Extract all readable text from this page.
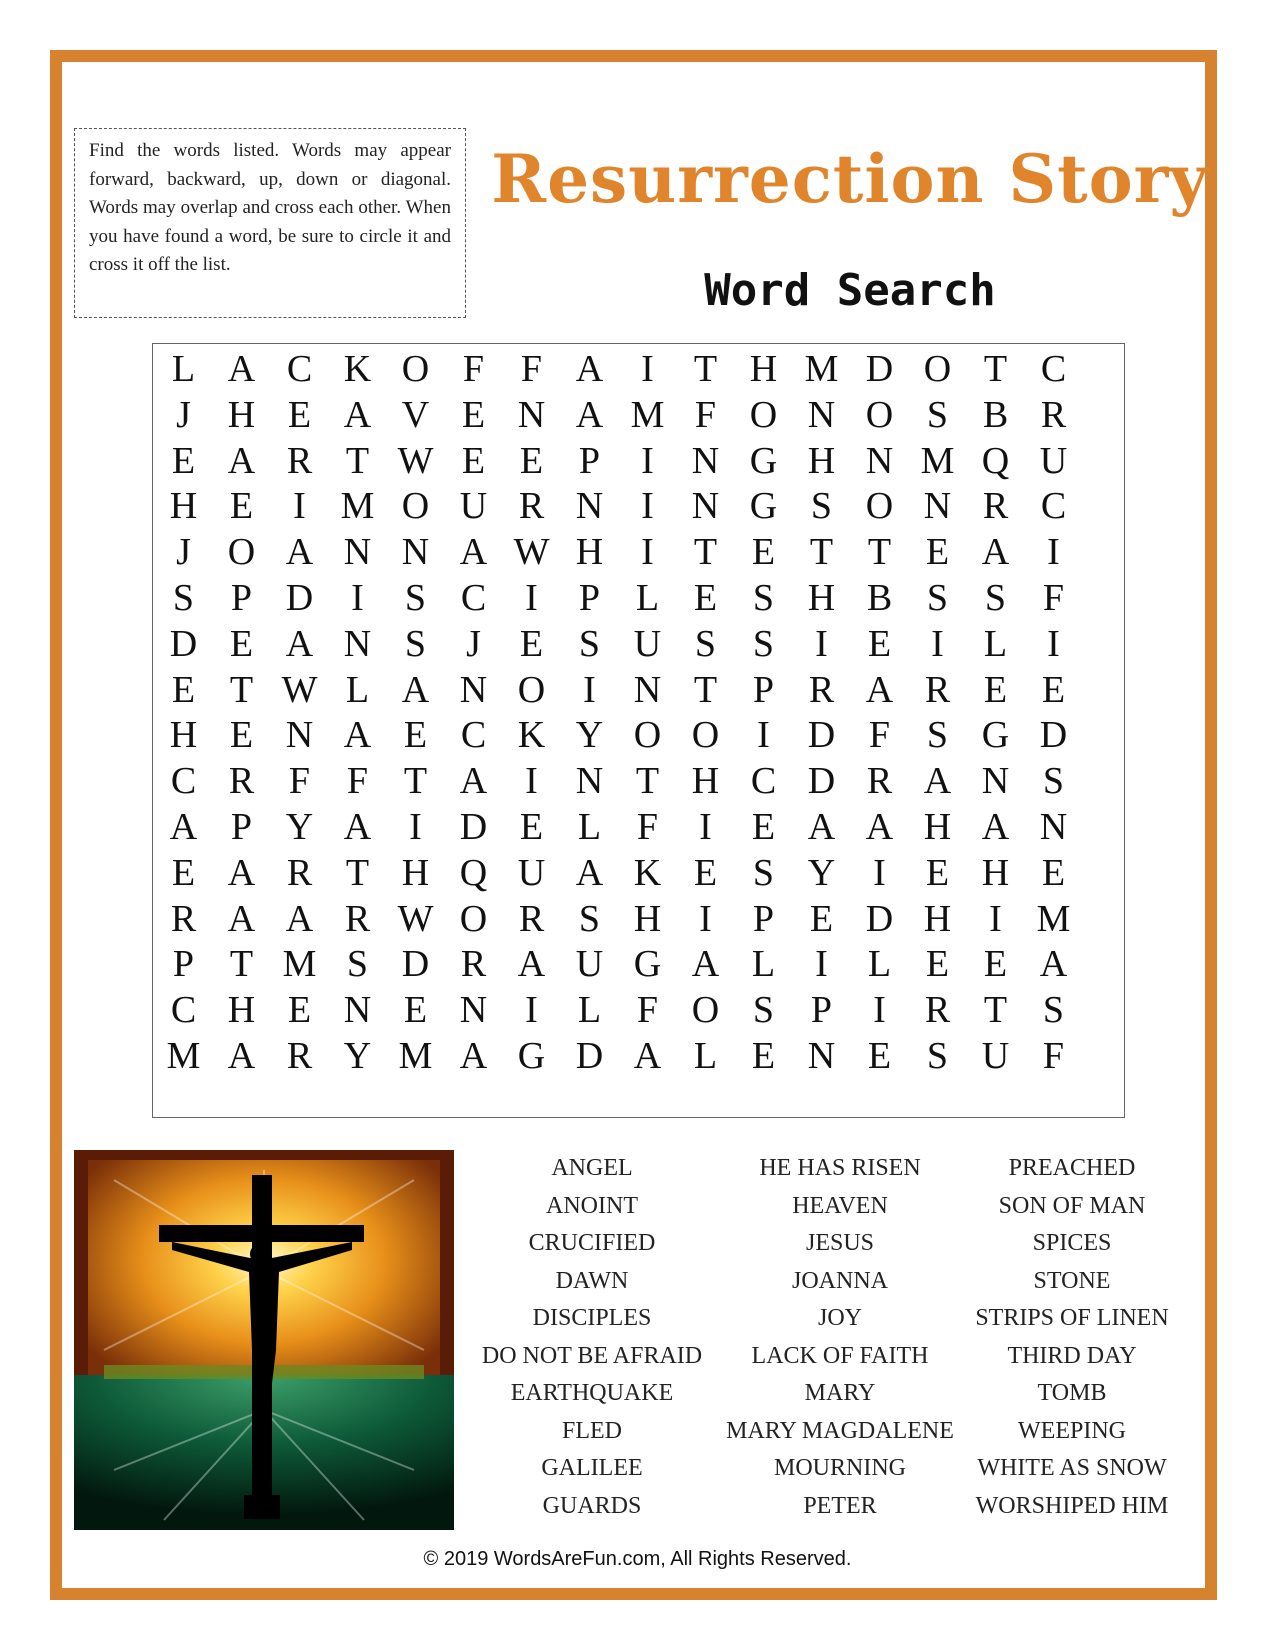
Find the words listed. Words may appear forward, backward, up, down or diagonal. Words may overlap and cross each other. When you have found a word, be sure to circle it and cross it off the list.
Resurrection Story
Word Search
L A C K O F F A I	T H M D O T C
J H E A V E N A M F O N O S B R
E A R T W E E P	I N G H N M Q U
H E	I M O U R N I N G S O N R C
J O A N N A W H I	T E T T E A I
S P D I	S C	I	P L E S H B S S F
D E A N S	J	E S U S S	I	E	I	L	I
E T W L A N O I N T P R A R E E
H E N A E C K Y O O I D F S G D
C R F F T A I N T H C D R A N S
A P Y A I D E L F	I	E A A H A N
E A R T H Q U A K E S Y I	E H E
R A A R W O R S H I	P E D H I M
P T M S D R A U G A L	I	L E E A
C H E N E N I	L F O S P	I	R T S
M A R Y M A G D A L E N E S U F
ANGEL
ANOINT
CRUCIFIED
DAWN
DISCIPLES
DO NOT BE AFRAID
EARTHQUAKE
FLED
GALILEE
GUARDS
HE HAS RISEN
HEAVEN
JESUS
JOANNA
JOY
LACK OF FAITH
MARY
MARY MAGDALENE
MOURNING
PETER
PREACHED
SON OF MAN
SPICES
STONE
STRIPS OF LINEN
THIRD DAY
TOMB
WEEPING
WHITE AS SNOW
WORSHIPED HIM
© 2019 WordsAreFun.com, All Rights Reserved.
